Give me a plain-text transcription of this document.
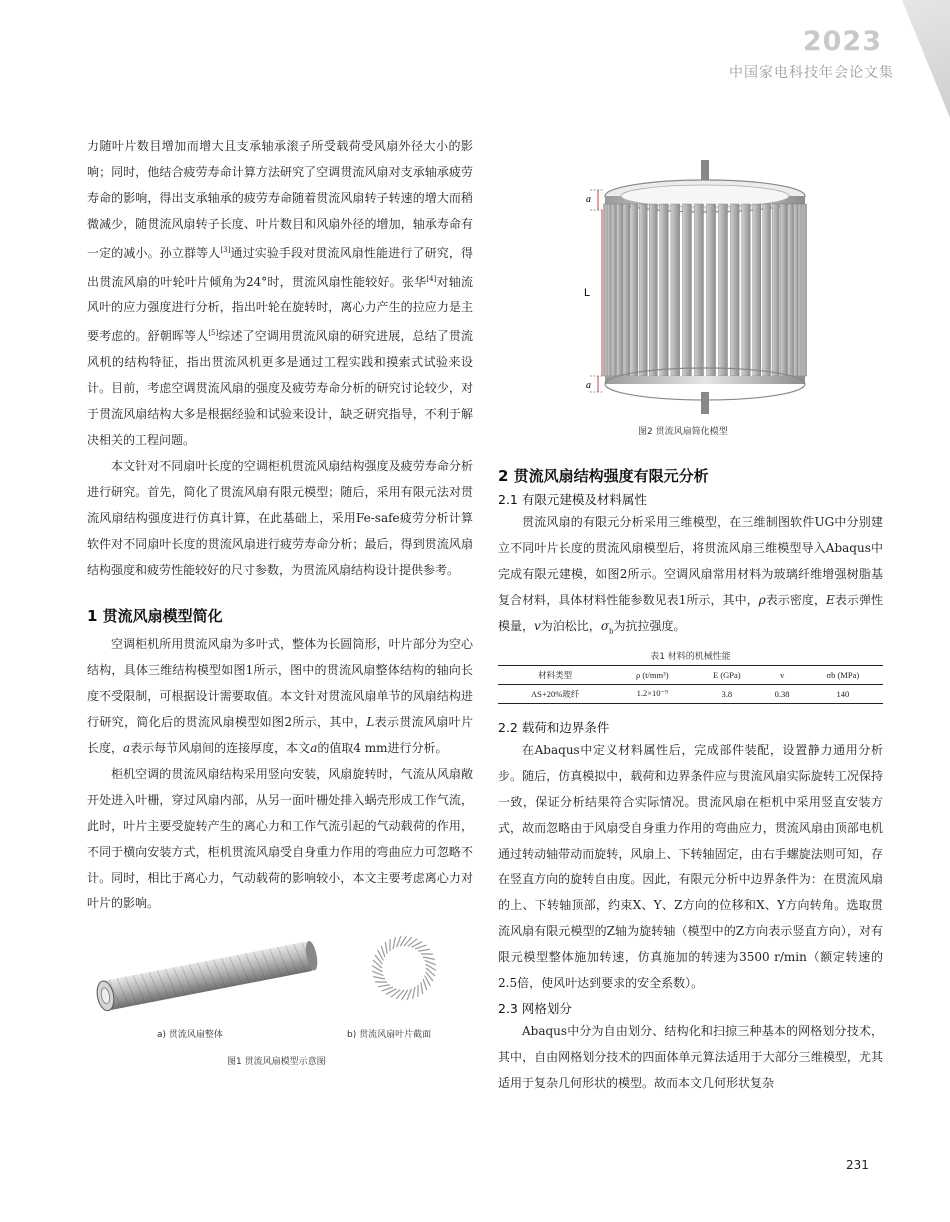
2023
中国家电科技年会论文集

力随叶片数目增加而增大且支承轴承滚子所受载荷受风扇外径大小的影响；同时，他结合疲劳寿命计算方法研究了空调贯流风扇对支承轴承疲劳寿命的影响，得出支承轴承的疲劳寿命随着贯流风扇转子转速的增大而稍微减少，随贯流风扇转子长度、叶片数目和风扇外径的增加，轴承寿命有一定的减小。孙立群等人[3]通过实验手段对贯流风扇性能进行了研究，得出贯流风扇的叶轮叶片倾角为24°时，贯流风扇性能较好。张华[4]对轴流风叶的应力强度进行分析，指出叶轮在旋转时，离心力产生的拉应力是主要考虑的。舒朝晖等人[5]综述了空调用贯流风扇的研究进展，总结了贯流风机的结构特征，指出贯流风机更多是通过工程实践和摸索式试验来设计。目前，考虑空调贯流风扇的强度及疲劳寿命分析的研究讨论较少，对于贯流风扇结构大多是根据经验和试验来设计，缺乏研究指导，不利于解决相关的工程问题。

本文针对不同扇叶长度的空调柜机贯流风扇结构强度及疲劳寿命分析进行研究。首先，简化了贯流风扇有限元模型；随后，采用有限元法对贯流风扇结构强度进行仿真计算，在此基础上，采用Fe-safe疲劳分析计算软件对不同扇叶长度的贯流风扇进行疲劳寿命分析；最后，得到贯流风扇结构强度和疲劳性能较好的尺寸参数，为贯流风扇结构设计提供参考。

1 贯流风扇模型简化

空调柜机所用贯流风扇为多叶式，整体为长圆筒形，叶片部分为空心结构，具体三维结构模型如图1所示，图中的贯流风扇整体结构的轴向长度不受限制，可根据设计需要取值。本文针对贯流风扇单节的风扇结构进行研究，简化后的贯流风扇模型如图2所示，其中，L表示贯流风扇叶片长度，a表示每节风扇间的连接厚度，本文a的值取4 mm进行分析。

柜机空调的贯流风扇结构采用竖向安装，风扇旋转时，气流从风扇敞开处进入叶栅，穿过风扇内部，从另一面叶栅处排入蜗壳形成工作气流，此时，叶片主要受旋转产生的离心力和工作气流引起的气动载荷的作用，不同于横向安装方式，柜机贯流风扇受自身重力作用的弯曲应力可忽略不计。同时，相比于离心力，气动载荷的影响较小，本文主要考虑离心力对叶片的影响。

a) 贯流风扇整体	b) 贯流风扇叶片截面
图1 贯流风扇模型示意图
a
L
a
图2 贯流风扇简化模型
2 贯流风扇结构强度有限元分析
2.1 有限元建模及材料属性

贯流风扇的有限元分析采用三维模型，在三维制图软件UG中分别建立不同叶片长度的贯流风扇模型后，将贯流风扇三维模型导入Abaqus中完成有限元建模，如图2所示。空调风扇常用材料为玻璃纤维增强树脂基复合材料，具体材料性能参数见表1所示，其中，ρ表示密度，E表示弹性模量，v为泊松比，$\sigma_b$为抗拉强度。

表1 材料的机械性能
材料类型	ρ (t/mm³)	E (GPa)	v	σb (MPa)
AS+20%玻纤	1.2×10⁻⁹	3.8	0.38	140
2.2 载荷和边界条件

在Abaqus中定义材料属性后，完成部件装配，设置静力通用分析步。随后，仿真模拟中，载荷和边界条件应与贯流风扇实际旋转工况保持一致，保证分析结果符合实际情况。贯流风扇在柜机中采用竖直安装方式，故而忽略由于风扇受自身重力作用的弯曲应力，贯流风扇由顶部电机通过转动轴带动而旋转，风扇上、下转轴固定，由右手螺旋法则可知，存在竖直方向的旋转自由度。因此，有限元分析中边界条件为：在贯流风扇的上、下转轴顶部，约束X、Y、Z方向的位移和X、Y方向转角。选取贯流风扇有限元模型的Z轴为旋转轴（模型中的Z方向表示竖直方向），对有限元模型整体施加转速，仿真施加的转速为3500 r/min（额定转速的2.5倍，使风叶达到要求的安全系数）。

2.3 网格划分

Abaqus中分为自由划分、结构化和扫掠三种基本的网格划分技术，其中，自由网格划分技术的四面体单元算法适用于大部分三维模型，尤其适用于复杂几何形状的模型。故而本文几何形状复杂

231
